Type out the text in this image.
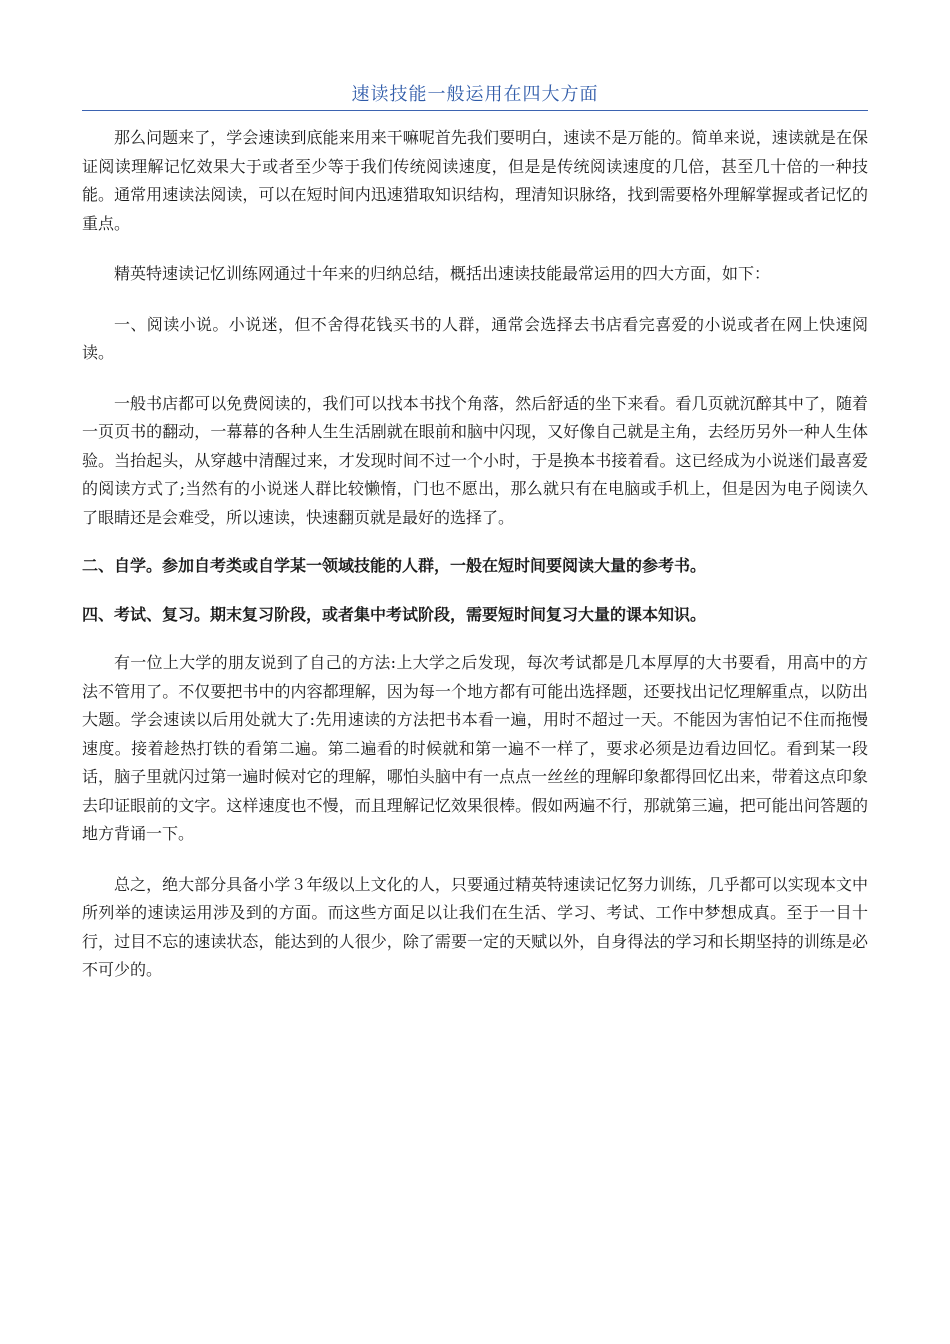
速读技能一般运用在四大方面

那么问题来了，学会速读到底能来用来干嘛呢首先我们要明白，速读不是万能的。简单来说，速读就是在保证阅读理解记忆效果大于或者至少等于我们传统阅读速度，但是是传统阅读速度的几倍，甚至几十倍的一种技能。通常用速读法阅读，可以在短时间内迅速猎取知识结构，理清知识脉络，找到需要格外理解掌握或者记忆的重点。

精英特速读记忆训练网通过十年来的归纳总结，概括出速读技能最常运用的四大方面，如下：

一、阅读小说。小说迷，但不舍得花钱买书的人群，通常会选择去书店看完喜爱的小说或者在网上快速阅读。

一般书店都可以免费阅读的，我们可以找本书找个角落，然后舒适的坐下来看。看几页就沉醉其中了，随着一页页书的翻动，一幕幕的各种人生生活剧就在眼前和脑中闪现，又好像自己就是主角，去经历另外一种人生体验。当抬起头，从穿越中清醒过来，才发现时间不过一个小时，于是换本书接着看。这已经成为小说迷们最喜爱的阅读方式了;当然有的小说迷人群比较懒惰，门也不愿出，那么就只有在电脑或手机上，但是因为电子阅读久了眼睛还是会难受，所以速读，快速翻页就是最好的选择了。

二、自学。参加自考类或自学某一领域技能的人群，一般在短时间要阅读大量的参考书。

四、考试、复习。期末复习阶段，或者集中考试阶段，需要短时间复习大量的课本知识。

有一位上大学的朋友说到了自己的方法:上大学之后发现，每次考试都是几本厚厚的大书要看，用高中的方法不管用了。不仅要把书中的内容都理解，因为每一个地方都有可能出选择题，还要找出记忆理解重点，以防出大题。学会速读以后用处就大了:先用速读的方法把书本看一遍，用时不超过一天。不能因为害怕记不住而拖慢速度。接着趁热打铁的看第二遍。第二遍看的时候就和第一遍不一样了，要求必须是边看边回忆。看到某一段话，脑子里就闪过第一遍时候对它的理解，哪怕头脑中有一点点一丝丝的理解印象都得回忆出来，带着这点印象去印证眼前的文字。这样速度也不慢，而且理解记忆效果很棒。假如两遍不行，那就第三遍，把可能出问答题的地方背诵一下。

总之，绝大部分具备小学３年级以上文化的人，只要通过精英特速读记忆努力训练，几乎都可以实现本文中所列举的速读运用涉及到的方面。而这些方面足以让我们在生活、学习、考试、工作中梦想成真。至于一目十行，过目不忘的速读状态，能达到的人很少，除了需要一定的天赋以外，自身得法的学习和长期坚持的训练是必不可少的。
